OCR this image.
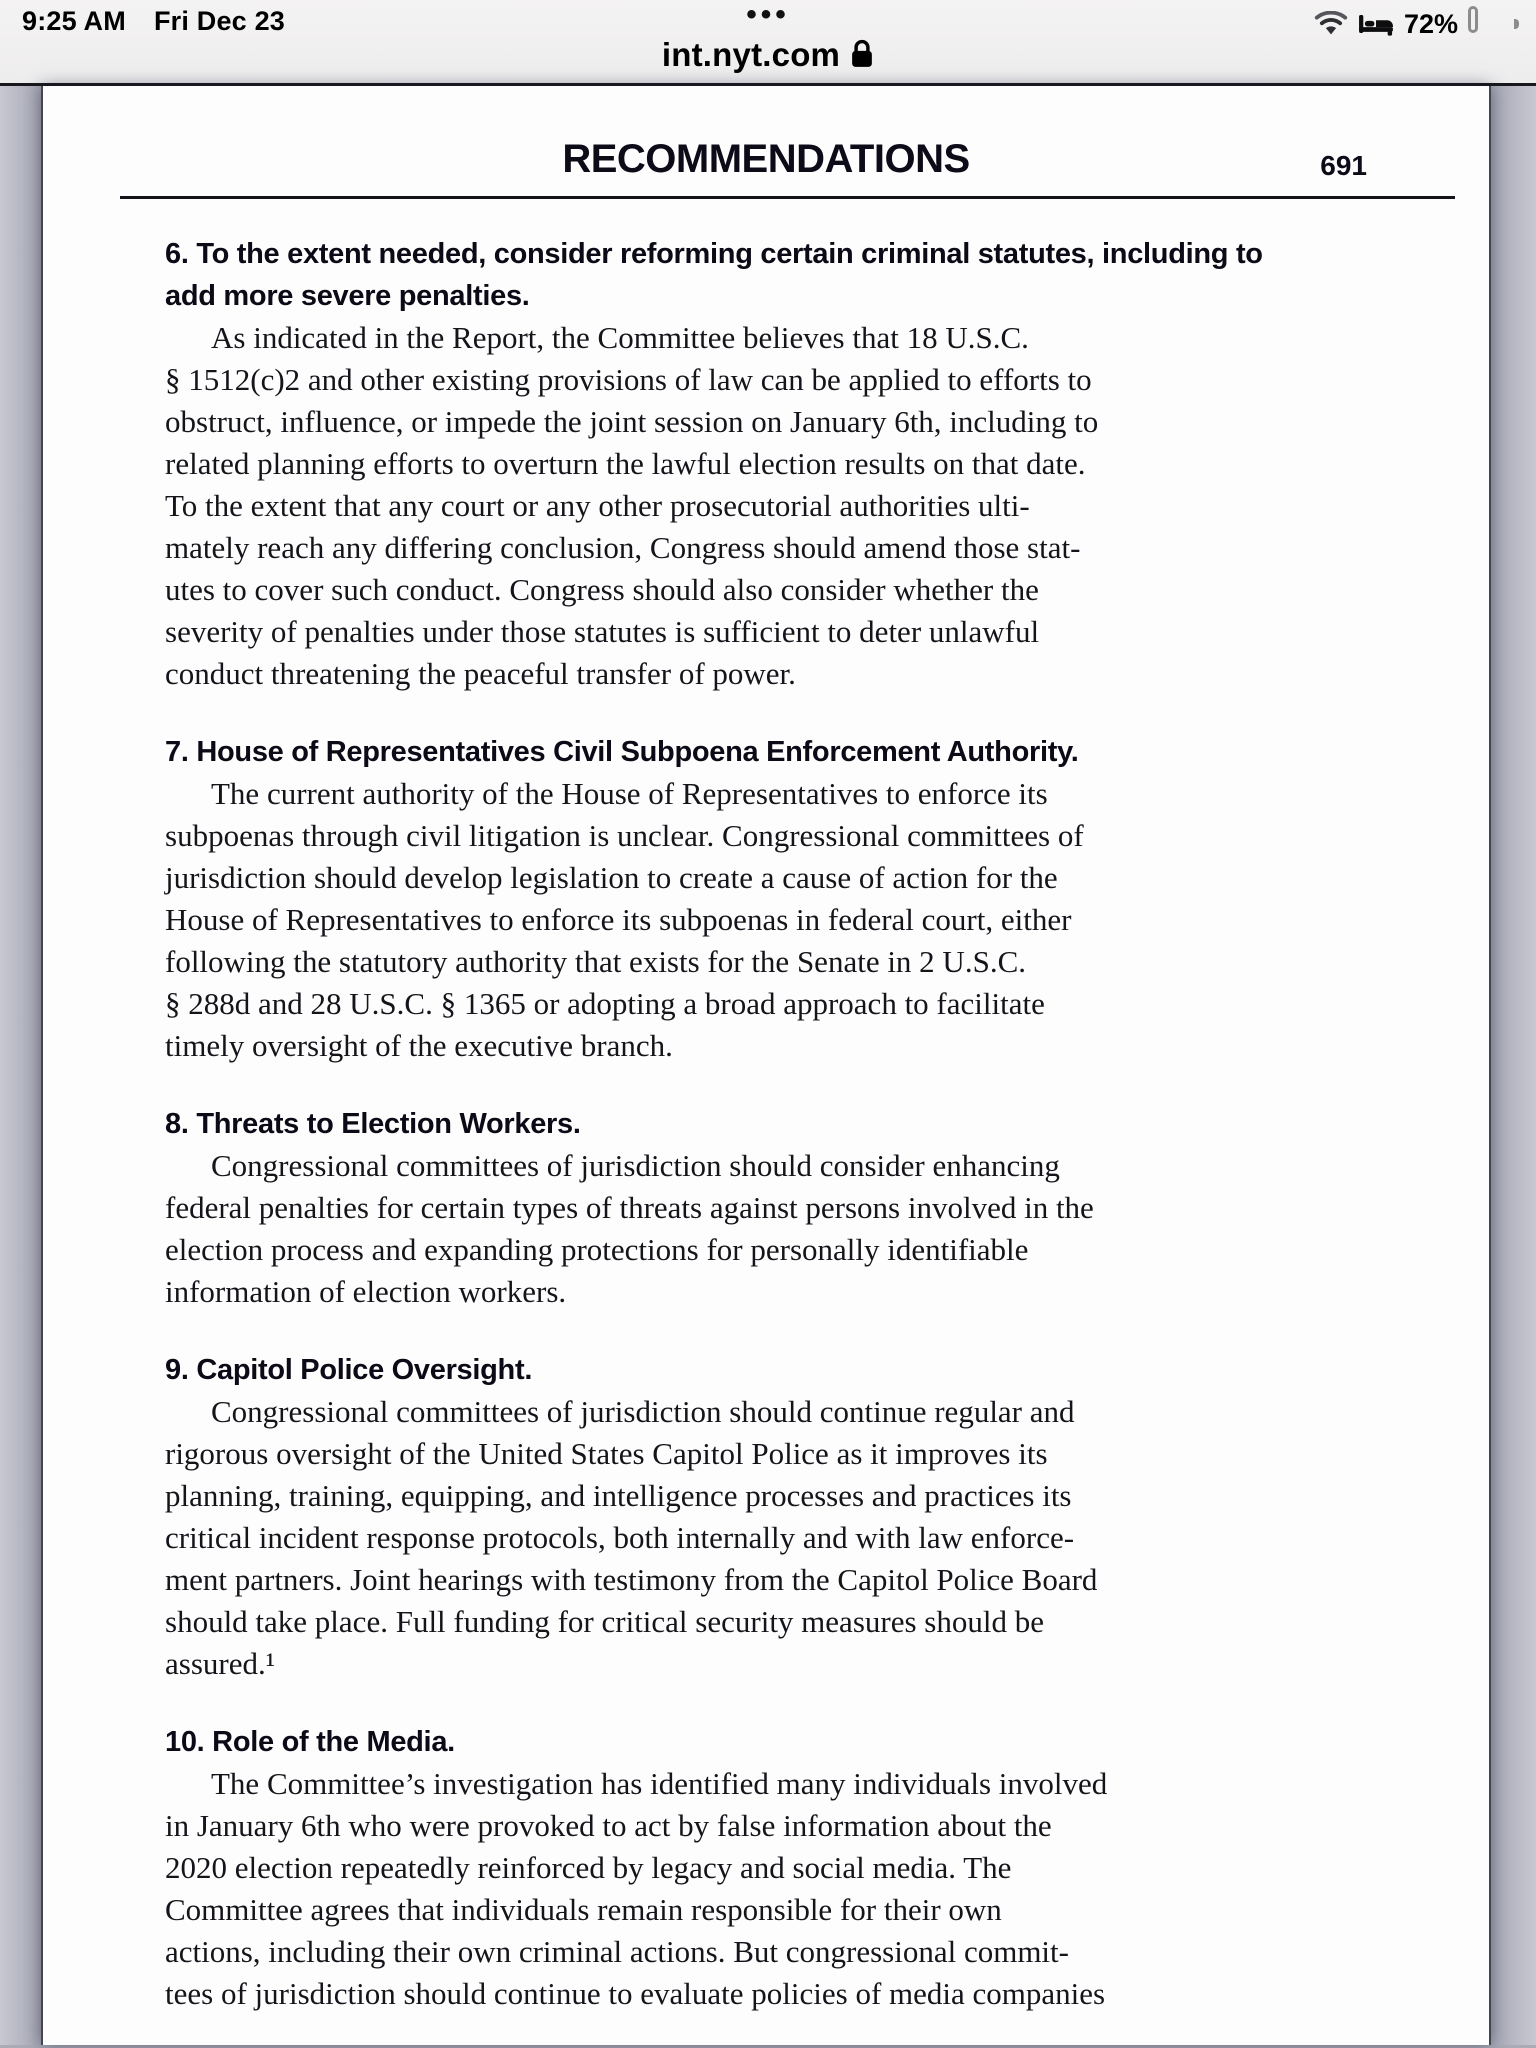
9:25 AM Fri Dec 23	•••	72%
int.nyt.com
RECOMMENDATIONS	691
6. To the extent needed, consider reforming certain criminal statutes, including to
add more severe penalties.
As indicated in the Report, the Committee believes that 18 U.S.C.
§ 1512(c)2 and other existing provisions of law can be applied to efforts to
obstruct, influence, or impede the joint session on January 6th, including to
related planning efforts to overturn the lawful election results on that date.
To the extent that any court or any other prosecutorial authorities ulti-
mately reach any differing conclusion, Congress should amend those stat-
utes to cover such conduct. Congress should also consider whether the
severity of penalties under those statutes is sufficient to deter unlawful
conduct threatening the peaceful transfer of power.
7. House of Representatives Civil Subpoena Enforcement Authority.
The current authority of the House of Representatives to enforce its
subpoenas through civil litigation is unclear. Congressional committees of
jurisdiction should develop legislation to create a cause of action for the
House of Representatives to enforce its subpoenas in federal court, either
following the statutory authority that exists for the Senate in 2 U.S.C.
§ 288d and 28 U.S.C. § 1365 or adopting a broad approach to facilitate
timely oversight of the executive branch.
8. Threats to Election Workers.
Congressional committees of jurisdiction should consider enhancing
federal penalties for certain types of threats against persons involved in the
election process and expanding protections for personally identifiable
information of election workers.
9. Capitol Police Oversight.
Congressional committees of jurisdiction should continue regular and
rigorous oversight of the United States Capitol Police as it improves its
planning, training, equipping, and intelligence processes and practices its
critical incident response protocols, both internally and with law enforce-
ment partners. Joint hearings with testimony from the Capitol Police Board
should take place. Full funding for critical security measures should be
assured.¹
10. Role of the Media.
The Committee’s investigation has identified many individuals involved
in January 6th who were provoked to act by false information about the
2020 election repeatedly reinforced by legacy and social media. The
Committee agrees that individuals remain responsible for their own
actions, including their own criminal actions. But congressional commit-
tees of jurisdiction should continue to evaluate policies of media companies
